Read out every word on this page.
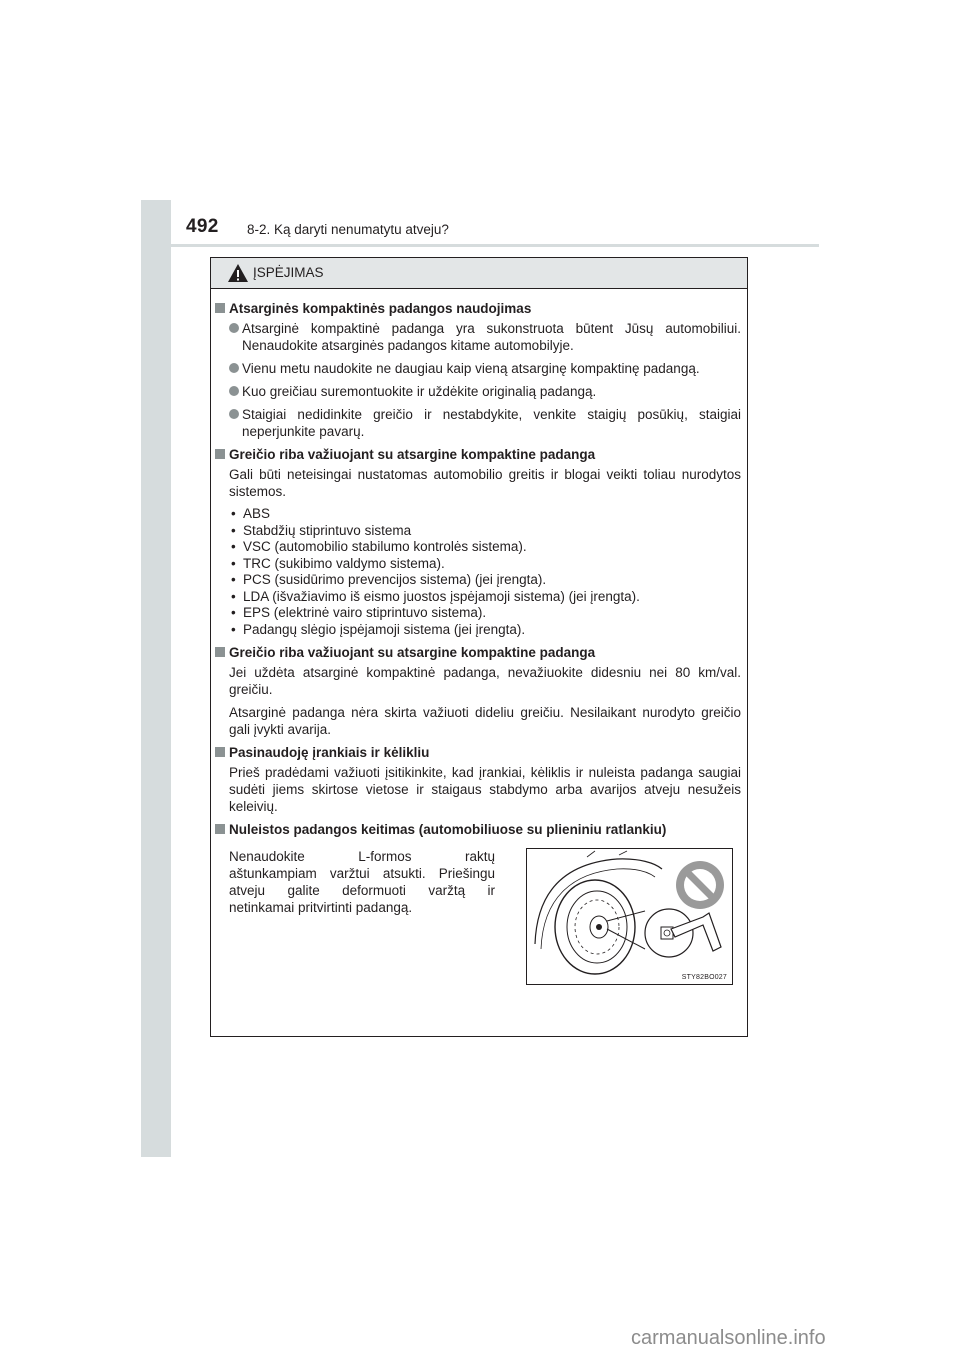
492 8-2. Ką daryti nenumatytu atveju?
ĮSPĖJIMAS
Atsarginės kompaktinės padangos naudojimas
Atsarginė kompaktinė padanga yra sukonstruota būtent Jūsų automobiliui. Nenaudokite atsarginės padangos kitame automobilyje.
Vienu metu naudokite ne daugiau kaip vieną atsarginę kompaktinę padangą.
Kuo greičiau suremontuokite ir uždėkite originalią padangą.
Staigiai nedidinkite greičio ir nestabdykite, venkite staigių posūkių, staigiai neperjunkite pavarų.
Greičio riba važiuojant su atsargine kompaktine padanga
Gali būti neteisingai nustatomas automobilio greitis ir blogai veikti toliau nurodytos sistemos.
• ABS
• Stabdžių stiprintuvo sistema
• VSC (automobilio stabilumo kontrolės sistema).
• TRC (sukibimo valdymo sistema).
• PCS (susidūrimo prevencijos sistema) (jei įrengta).
• LDA (išvažiavimo iš eismo juostos įspėjamoji sistema) (jei įrengta).
• EPS (elektrinė vairo stiprintuvo sistema).
• Padangų slėgio įspėjamoji sistema (jei įrengta).
Greičio riba važiuojant su atsargine kompaktine padanga
Jei uždėta atsarginė kompaktinė padanga, nevažiuokite didesniu nei 80 km/val. greičiu.
Atsarginė padanga nėra skirta važiuoti dideliu greičiu. Nesilaikant nurodyto greičio gali įvykti avarija.
Pasinaudoję įrankiais ir kėlikliu
Prieš pradėdami važiuoti įsitikinkite, kad įrankiai, kėliklis ir nuleista padanga saugiai sudėti jiems skirtose vietose ir staigaus stabdymo arba avarijos atveju nesužeis keleivių.
Nuleistos padangos keitimas (automobiliuose su plieniniu ratlankiu)
Nenaudokite L-formos raktų
aštunkampiam varžtui atsukti. Priešingu
atveju galite deformuoti varžtą ir
netinkamai pritvirtinti padangą.
STY82BO027
carmanualsonline.info
